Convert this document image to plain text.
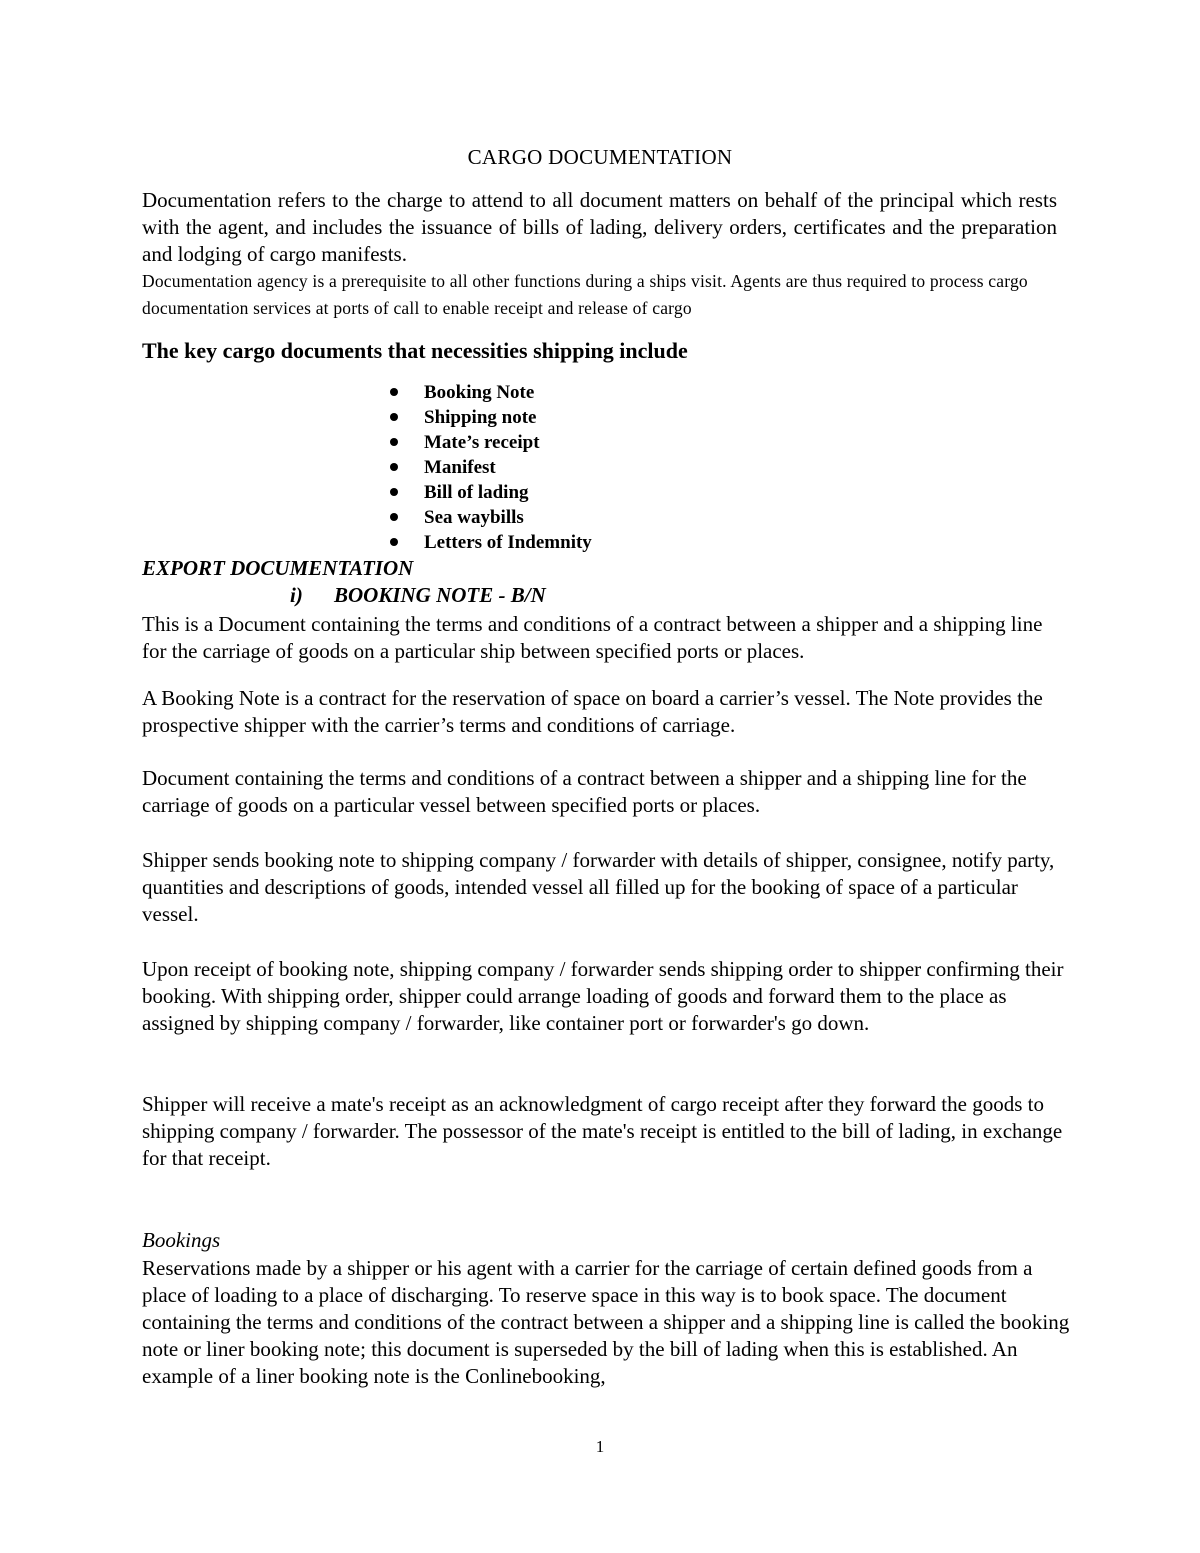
CARGO DOCUMENTATION

Documentation refers to the charge to attend to all document matters on behalf of the principal which rests with the agent, and includes the issuance of bills of lading, delivery orders, certificates and the preparation and lodging of cargo manifests.

Documentation agency is a prerequisite to all other functions during a ships visit. Agents are thus required to process cargo documentation services at ports of call to enable receipt and release of cargo

The key cargo documents that necessities shipping include
Booking Note
Shipping note
Mate’s receipt
Manifest
Bill of lading
Sea waybills
Letters of Indemnity
EXPORT DOCUMENTATION
i) BOOKING NOTE - B/N

This is a Document containing the terms and conditions of a contract between a shipper and a shipping line for the carriage of goods on a particular ship between specified ports or places.

A Booking Note is a contract for the reservation of space on board a carrier’s vessel. The Note provides the prospective shipper with the carrier’s terms and conditions of carriage.

Document containing the terms and conditions of a contract between a shipper and a shipping line for the carriage of goods on a particular vessel between specified ports or places.

Shipper sends booking note to shipping company / forwarder with details of shipper, consignee, notify party, quantities and descriptions of goods, intended vessel all filled up for the booking of space of a particular vessel.

Upon receipt of booking note, shipping company / forwarder sends shipping order to shipper confirming their booking. With shipping order, shipper could arrange loading of goods and forward them to the place as assigned by shipping company / forwarder, like container port or forwarder's go down.

Shipper will receive a mate's receipt as an acknowledgment of cargo receipt after they forward the goods to shipping company / forwarder. The possessor of the mate's receipt is entitled to the bill of lading, in exchange for that receipt.

Bookings

Reservations made by a shipper or his agent with a carrier for the carriage of certain defined goods from a place of loading to a place of discharging. To reserve space in this way is to book space. The document containing the terms and conditions of the contract between a shipper and a shipping line is called the booking note or liner booking note; this document is superseded by the bill of lading when this is established. An example of a liner booking note is the Conlinebooking,

1
